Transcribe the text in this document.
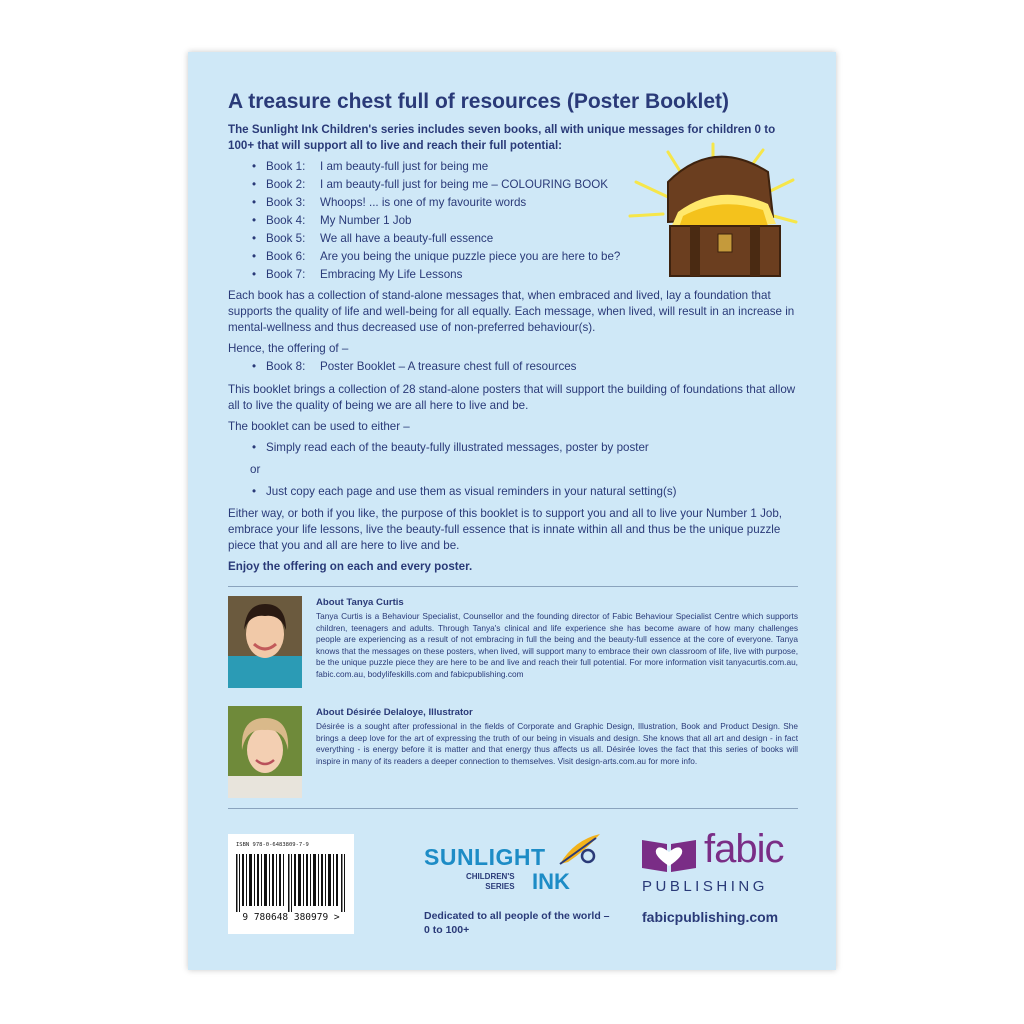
A treasure chest full of resources (Poster Booklet)

The Sunlight Ink Children's series includes seven books, all with unique messages for children 0 to 100+ that will support all to live and reach their full potential:

• Book 1: I am beauty-full just for being me
• Book 2: I am beauty-full just for being me – COLOURING BOOK
• Book 3: Whoops! ... is one of my favourite words
• Book 4: My Number 1 Job
• Book 5: We all have a beauty-full essence
• Book 6: Are you being the unique puzzle piece you are here to be?
• Book 7: Embracing My Life Lessons

Each book has a collection of stand-alone messages that, when embraced and lived, lay a foundation that supports the quality of life and well-being for all equally. Each message, when lived, will result in an increase in mental-wellness and thus decreased use of non-preferred behaviour(s).

Hence, the offering of –

• Book 8: Poster Booklet – A treasure chest full of resources

This booklet brings a collection of 28 stand-alone posters that will support the building of foundations that allow all to live the quality of being we are all here to live and be.

The booklet can be used to either –

• Simply read each of the beauty-fully illustrated messages, poster by poster

or

• Just copy each page and use them as visual reminders in your natural setting(s)

Either way, or both if you like, the purpose of this booklet is to support you and all to live your Number 1 Job, embrace your life lessons, live the beauty-full essence that is innate within all and thus be the unique puzzle piece that you and all are here to live and be.

Enjoy the offering on each and every poster.

About Tanya Curtis

Tanya Curtis is a Behaviour Specialist, Counsellor and the founding director of Fabic Behaviour Specialist Centre which supports children, teenagers and adults. Through Tanya's clinical and life experience she has become aware of how many challenges people are experiencing as a result of not embracing in full the being and the beauty-full essence at the core of everyone. Tanya knows that the messages on these posters, when lived, will support many to embrace their own classroom of life, live with purpose, be the unique puzzle piece they are here to be and live and reach their full potential. For more information visit tanyacurtis.com.au, fabic.com.au, bodylifeskills.com and fabicpublishing.com

About Désirée Delaloye, Illustrator

Désirée is a sought after professional in the fields of Corporate and Graphic Design, Illustration, Book and Product Design. She brings a deep love for the art of expressing the truth of our being in visuals and design. She knows that all art and design - in fact everything - is energy before it is matter and that energy thus affects us all. Désirée loves the fact that this series of books will inspire in many of its readers a deeper connection to themselves. Visit design-arts.com.au for more info.

ISBN 978-0-6483809-7-9
9 780648 380979 >

SUNLIGHT

CHILDREN'S
SERIES INK

Dedicated to all people of the world – 0 to 100+

fabic

PUBLISHING

fabicpublishing.com
